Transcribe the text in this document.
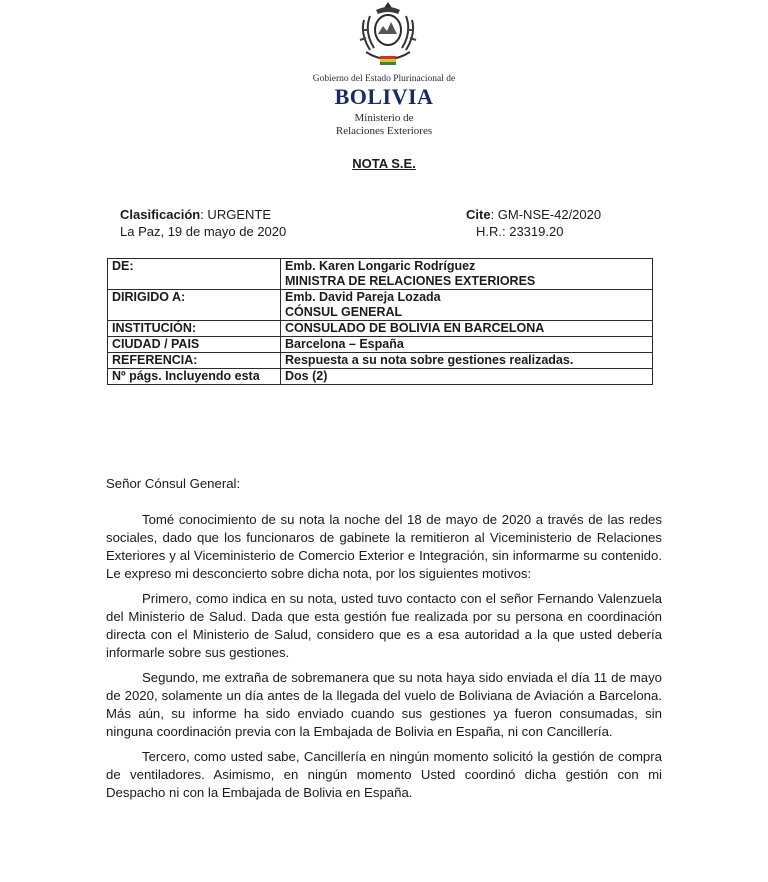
Gobierno del Estado Plurinacional de
BOLIVIA
Ministerio de
Relaciones Exteriores
NOTA S.E.
Clasificación: URGENTE
La Paz, 19 de mayo de 2020
Cite: GM-NSE-42/2020
H.R.: 23319.20
DE:	Emb. Karen Longaric Rodríguez
MINISTRA DE RELACIONES EXTERIORES

DIRIGIDO A:	Emb. David Pareja Lozada
CÓNSUL GENERAL

INSTITUCIÓN:	CONSULADO DE BOLIVIA EN BARCELONA
CIUDAD / PAIS	Barcelona – España
REFERENCIA:	Respuesta a su nota sobre gestiones realizadas.
Nº págs. Incluyendo esta	Dos (2)

Señor Cónsul General:

Tomé conocimiento de su nota la noche del 18 de mayo de 2020 a través de las redes sociales, dado que los funcionaros de gabinete la remitieron al Viceministerio de Relaciones Exteriores y al Viceministerio de Comercio Exterior e Integración, sin informarme su contenido. Le expreso mi desconcierto sobre dicha nota, por los siguientes motivos:

Primero, como indica en su nota, usted tuvo contacto con el señor Fernando Valenzuela del Ministerio de Salud. Dada que esta gestión fue realizada por su persona en coordinación directa con el Ministerio de Salud, considero que es a esa autoridad a la que usted debería informarle sobre sus gestiones.

Segundo, me extraña de sobremanera que su nota haya sido enviada el día 11 de mayo de 2020, solamente un día antes de la llegada del vuelo de Boliviana de Aviación a Barcelona. Más aún, su informe ha sido enviado cuando sus gestiones ya fueron consumadas, sin ninguna coordinación previa con la Embajada de Bolivia en España, ni con Cancillería.

Tercero, como usted sabe, Cancillería en ningún momento solicitó la gestión de compra de ventiladores. Asimismo, en ningún momento Usted coordinó dicha gestión con mi Despacho ni con la Embajada de Bolivia en España.
